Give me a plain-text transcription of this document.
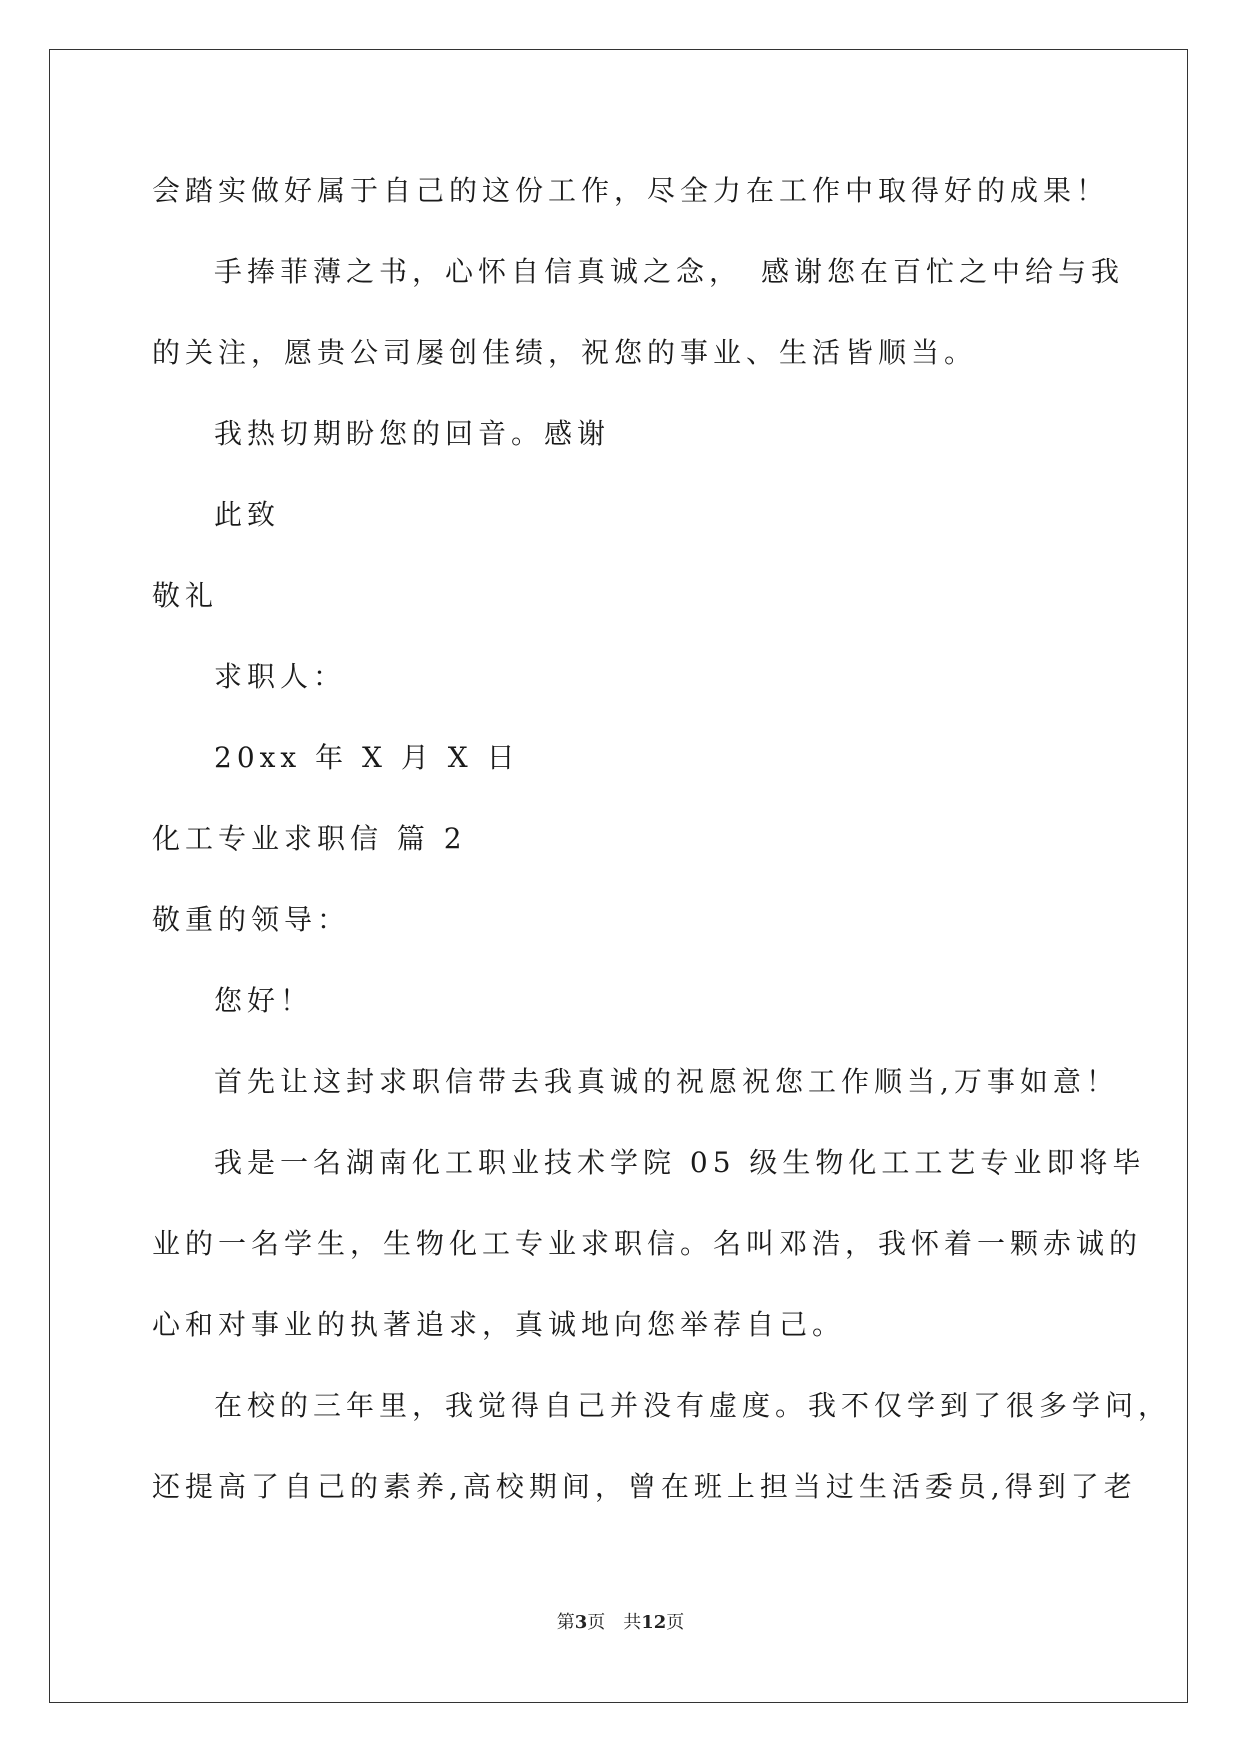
会踏实做好属于自己的这份工作，尽全力在工作中取得好的成果！
手捧菲薄之书，心怀自信真诚之念，　感谢您在百忙之中给与我
的关注，愿贵公司屡创佳绩，祝您的事业、生活皆顺当。
我热切期盼您的回音。感谢
此致
敬礼
求职人：
20xx 年 X 月 X 日
化工专业求职信 篇 2
敬重的领导：
您好！
首先让这封求职信带去我真诚的祝愿祝您工作顺当,万事如意！
我是一名湖南化工职业技术学院 05 级生物化工工艺专业即将毕
业的一名学生，生物化工专业求职信。名叫邓浩，我怀着一颗赤诚的
心和对事业的执著追求，真诚地向您举荐自己。
在校的三年里，我觉得自己并没有虚度。我不仅学到了很多学问，
还提高了自己的素养,高校期间，曾在班上担当过生活委员,得到了老
第3页 共12页
